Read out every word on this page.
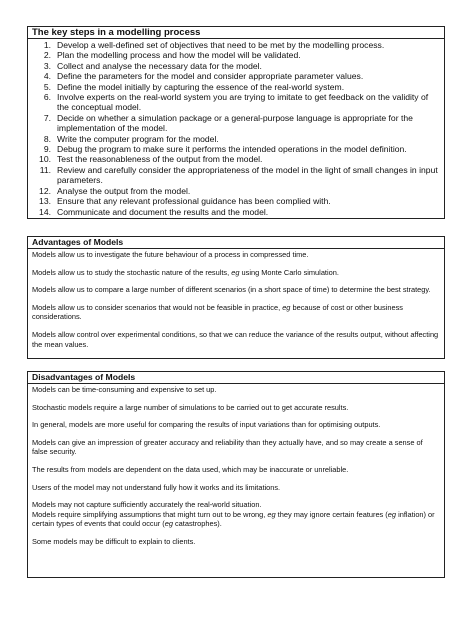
The key steps in a modelling process
1. Develop a well-defined set of objectives that need to be met by the modelling process.
2. Plan the modelling process and how the model will be validated.
3. Collect and analyse the necessary data for the model.
4. Define the parameters for the model and consider appropriate parameter values.
5. Define the model initially by capturing the essence of the real-world system.
6. Involve experts on the real-world system you are trying to imitate to get feedback on the validity of the conceptual model.
7. Decide on whether a simulation package or a general-purpose language is appropriate for the implementation of the model.
8. Write the computer program for the model.
9. Debug the program to make sure it performs the intended operations in the model definition.
10. Test the reasonableness of the output from the model.
11. Review and carefully consider the appropriateness of the model in the light of small changes in input parameters.
12. Analyse the output from the model.
13. Ensure that any relevant professional guidance has been complied with.
14. Communicate and document the results and the model.
Advantages of Models

Models allow us to investigate the future behaviour of a process in compressed time.

Models allow us to study the stochastic nature of the results, eg using Monte Carlo simulation.

Models allow us to compare a large number of different scenarios (in a short space of time) to determine the best strategy.

Models allow us to consider scenarios that would not be feasible in practice, eg because of cost or other business considerations.

Models allow control over experimental conditions, so that we can reduce the variance of the results output, without affecting the mean values.

Disadvantages of Models

Models can be time-consuming and expensive to set up.

Stochastic models require a large number of simulations to be carried out to get accurate results.

In general, models are more useful for comparing the results of input variations than for optimising outputs.

Models can give an impression of greater accuracy and reliability than they actually have, and so may create a sense of false security.

The results from models are dependent on the data used, which may be inaccurate or unreliable.

Users of the model may not understand fully how it works and its limitations.

Models may not capture sufficiently accurately the real-world situation.

Models require simplifying assumptions that might turn out to be wrong, eg they may ignore certain features (eg inflation) or certain types of events that could occur (eg catastrophes).

Some models may be difficult to explain to clients.
